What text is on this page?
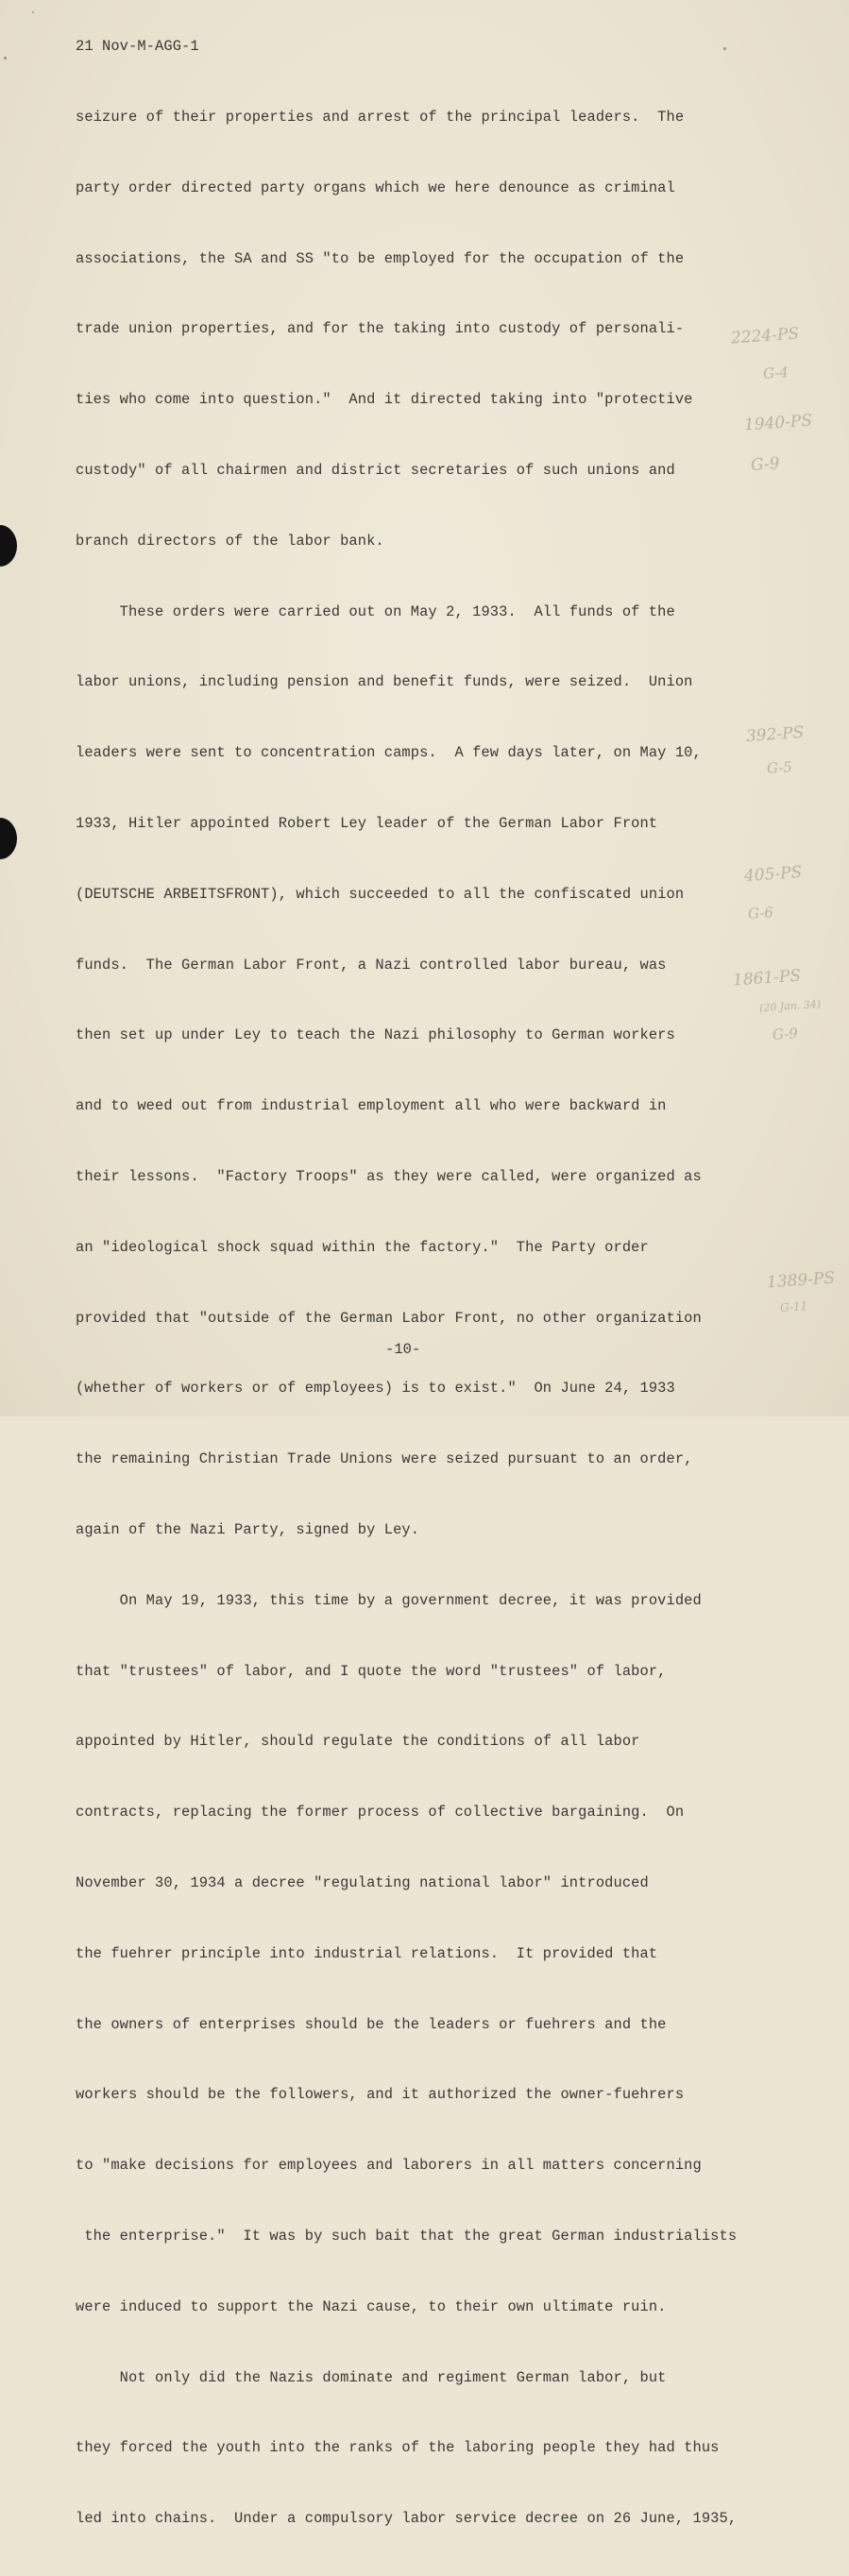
21 Nov-M-AGG-1

seizure of their properties and arrest of the principal leaders.  The

party order directed party organs which we here denounce as criminal

associations, the SA and SS "to be employed for the occupation of the

trade union properties, and for the taking into custody of personali-

ties who come into question."  And it directed taking into "protective

custody" of all chairmen and district secretaries of such unions and

branch directors of the labor bank.

These orders were carried out on May 2, 1933.  All funds of the

labor unions, including pension and benefit funds, were seized.  Union

leaders were sent to concentration camps.  A few days later, on May 10,

1933, Hitler appointed Robert Ley leader of the German Labor Front

(DEUTSCHE ARBEITSFRONT), which succeeded to all the confiscated union

funds.  The German Labor Front, a Nazi controlled labor bureau, was

then set up under Ley to teach the Nazi philosophy to German workers

and to weed out from industrial employment all who were backward in

their lessons.  "Factory Troops" as they were called, were organized as

an "ideological shock squad within the factory."  The Party order

provided that "outside of the German Labor Front, no other organization

(whether of workers or of employees) is to exist."  On June 24, 1933

the remaining Christian Trade Unions were seized pursuant to an order,

again of the Nazi Party, signed by Ley.

On May 19, 1933, this time by a government decree, it was provided

that "trustees" of labor, and I quote the word "trustees" of labor,

appointed by Hitler, should regulate the conditions of all labor

contracts, replacing the former process of collective bargaining.  On

November 30, 1934 a decree "regulating national labor" introduced

the fuehrer principle into industrial relations.  It provided that

the owners of enterprises should be the leaders or fuehrers and the

workers should be the followers, and it authorized the owner-fuehrers

to "make decisions for employees and laborers in all matters concerning

the enterprise."  It was by such bait that the great German industrialists

were induced to support the Nazi cause, to their own ultimate ruin.

Not only did the Nazis dominate and regiment German labor, but

they forced the youth into the ranks of the laboring people they had thus

led into chains.  Under a compulsory labor service decree on 26 June, 1935,

-10-
2224-PS
G-4
1940-PS
G-9
392-PS
G-5
405-PS
G-6
1861-PS
(20 Jan. 34)
G-9
1389-PS
G-11
